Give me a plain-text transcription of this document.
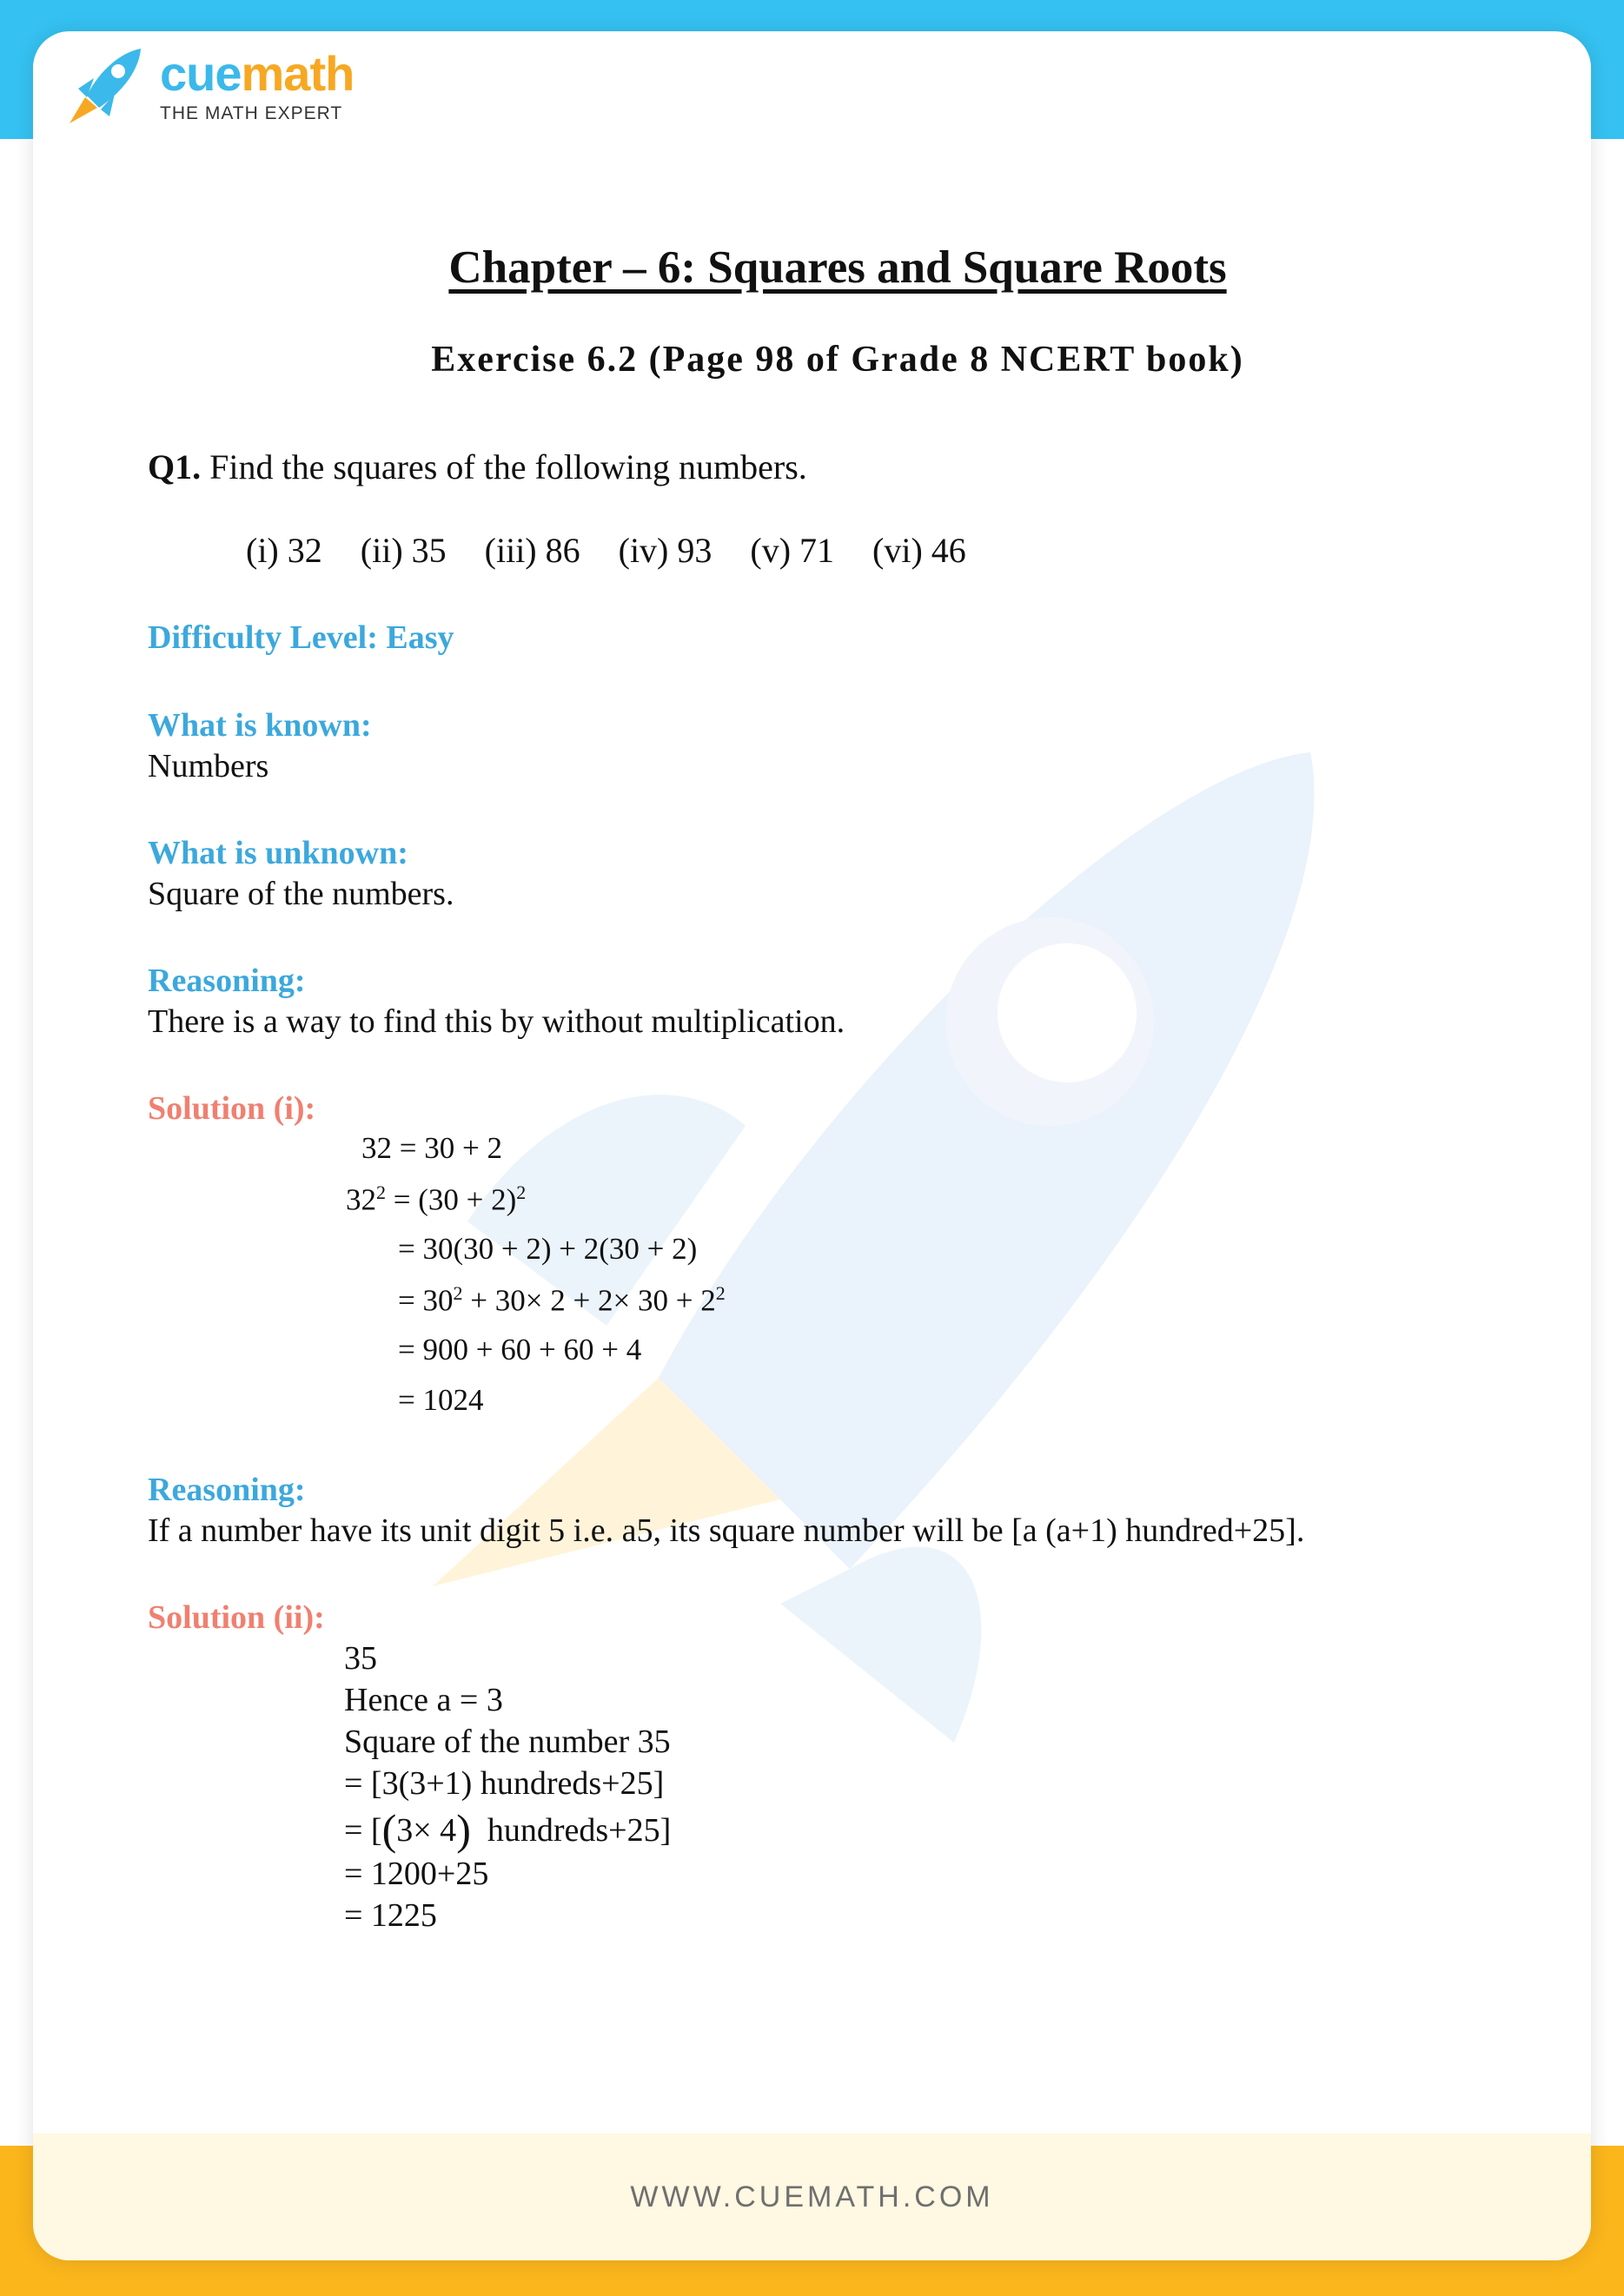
WWW.CUEMATH.COM
cuemath
THE MATH EXPERT
Chapter – 6: Squares and Square Roots
Exercise 6.2 (Page 98 of Grade 8 NCERT book)
Q1. Find the squares of the following numbers.
(i) 32 (ii) 35 (iii) 86 (iv) 93 (v) 71 (vi) 46
Difficulty Level: Easy
What is known:
Numbers
What is unknown:
Square of the numbers.
Reasoning:
There is a way to find this by without multiplication.
Solution (i):
32 = 30 + 2
$32^2 = (30 + 2)^2$
= 30(30 + 2) + 2(30 + 2)
= $30^2 + 30\times 2 + 2\times 30 + 2^2$
= 900 + 60 + 60 + 4
= 1024
Reasoning:
If a number have its unit digit 5 i.e. a5, its square number will be [a (a+1) hundred+25].
Solution (ii):
35
Hence a = 3
Square of the number 35
= [3(3+1) hundreds+25]
= [(3× 4)  hundreds+25]
= 1200+25
= 1225
